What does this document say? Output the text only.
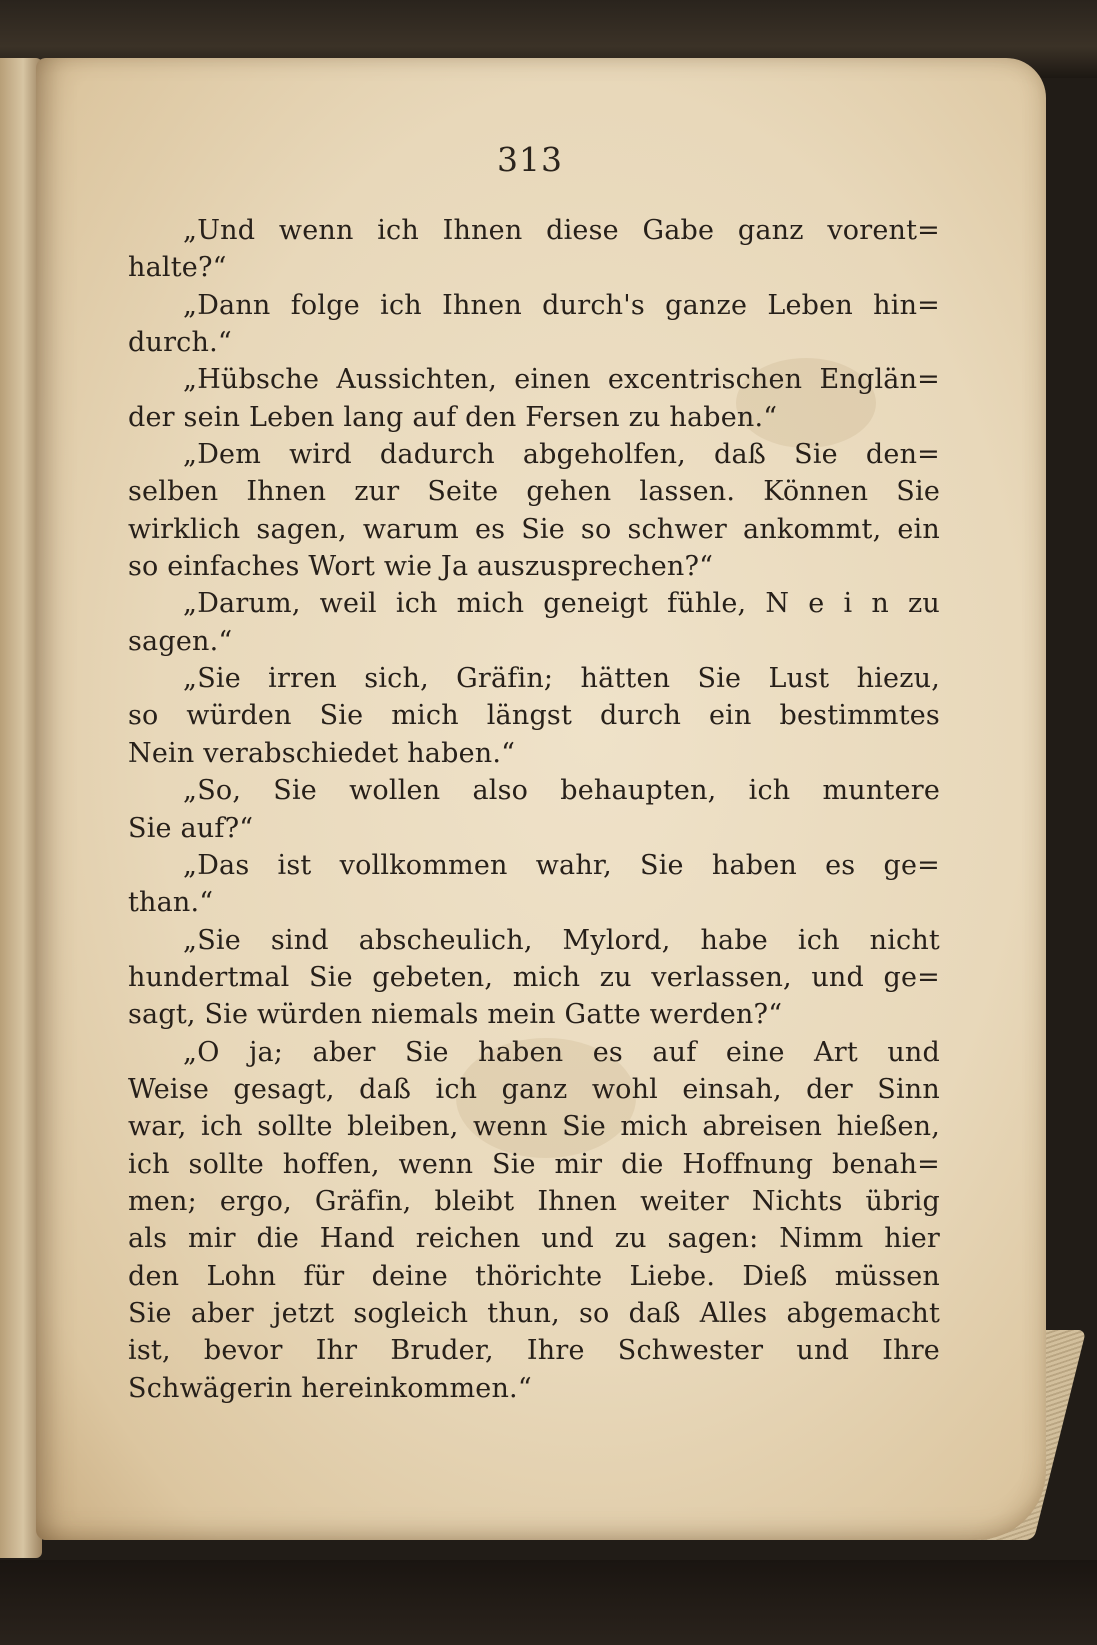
313

„Und wenn ich Ihnen diese Gabe ganz vorent=
halte?“
„Dann folge ich Ihnen durch's ganze Leben hin=
durch.“
„Hübsche Aussichten, einen excentrischen Englän=
der sein Leben lang auf den Fersen zu haben.“
„Dem wird dadurch abgeholfen, daß Sie den=
selben Ihnen zur Seite gehen lassen. Können Sie
wirklich sagen, warum es Sie so schwer ankommt, ein
so einfaches Wort wie Ja auszusprechen?“
„Darum, weil ich mich geneigt fühle, N e i n zu
sagen.“
„Sie irren sich, Gräfin; hätten Sie Lust hiezu,
so würden Sie mich längst durch ein bestimmtes
Nein verabschiedet haben.“
„So, Sie wollen also behaupten, ich muntere
Sie auf?“
„Das ist vollkommen wahr, Sie haben es ge=
than.“
„Sie sind abscheulich, Mylord, habe ich nicht
hundertmal Sie gebeten, mich zu verlassen, und ge=
sagt, Sie würden niemals mein Gatte werden?“
„O ja; aber Sie haben es auf eine Art und
Weise gesagt, daß ich ganz wohl einsah, der Sinn
war, ich sollte bleiben, wenn Sie mich abreisen hießen,
ich sollte hoffen, wenn Sie mir die Hoffnung benah=
men; ergo, Gräfin, bleibt Ihnen weiter Nichts übrig
als mir die Hand reichen und zu sagen: Nimm hier
den Lohn für deine thörichte Liebe. Dieß müssen
Sie aber jetzt sogleich thun, so daß Alles abgemacht
ist, bevor Ihr Bruder, Ihre Schwester und Ihre
Schwägerin hereinkommen.“
